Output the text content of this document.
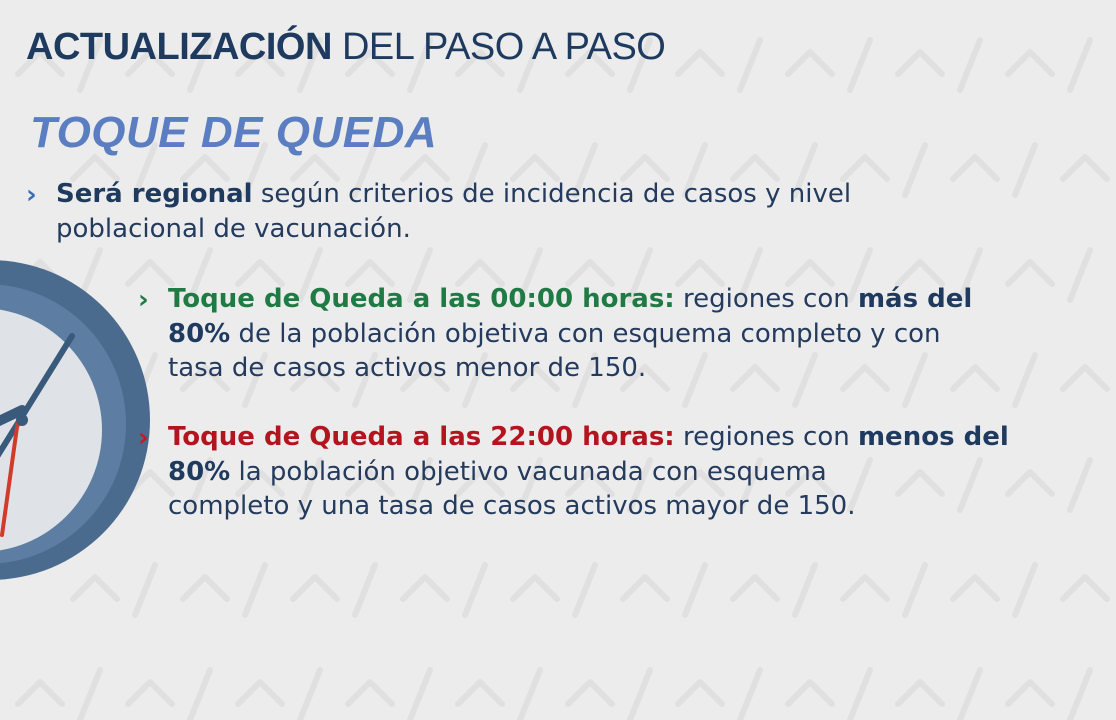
ACTUALIZACIÓN DEL PASO A PASO
TOQUE DE QUEDA
› Será regional según criterios de incidencia de casos y nivel
poblacional de vacunación.
› Toque de Queda a las 00:00 horas: regiones con más del
80% de la población objetiva con esquema completo y con
tasa de casos activos menor de 150.
› Toque de Queda a las 22:00 horas: regiones con menos del
80% la población objetivo vacunada con esquema
completo y una tasa de casos activos mayor de 150.
